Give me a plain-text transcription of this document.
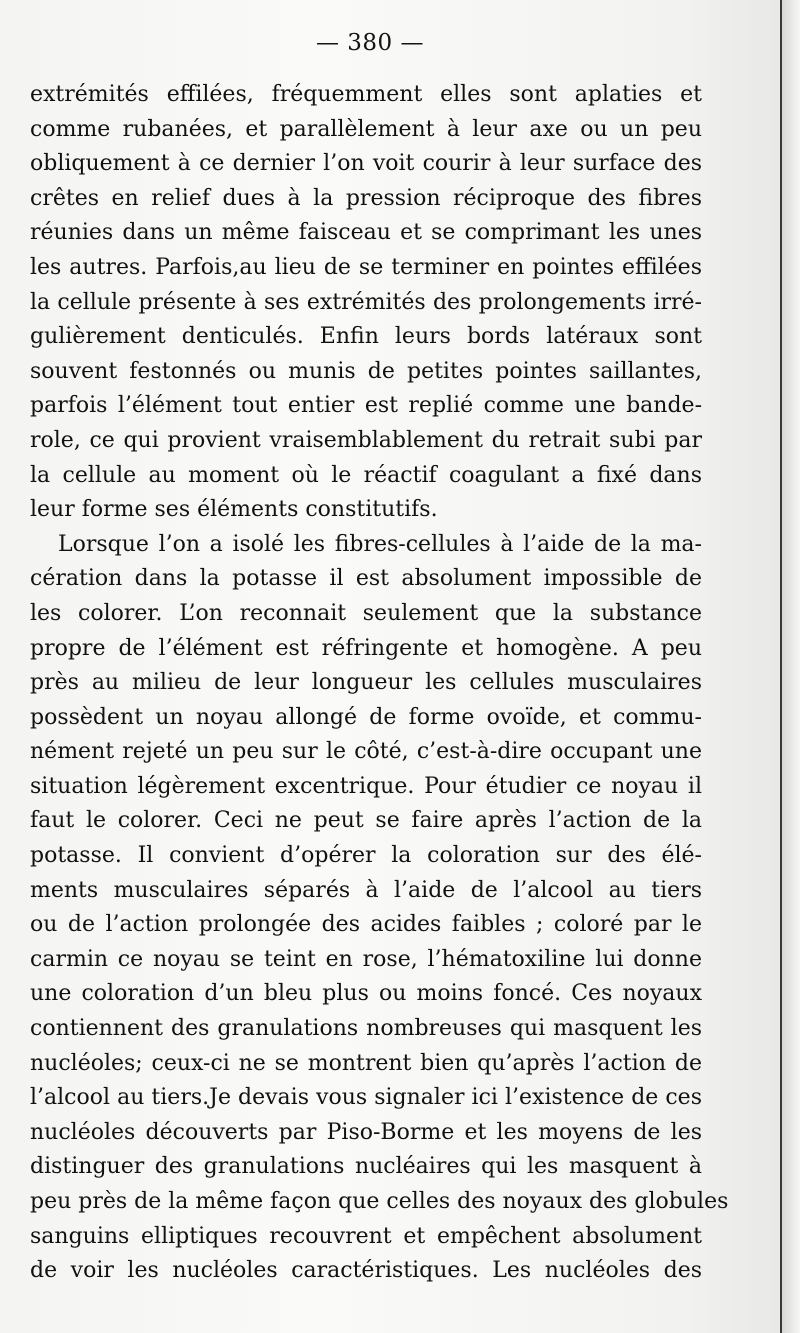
— 380 —
extrémités effilées, fréquemment elles sont aplaties et
comme rubanées, et parallèlement à leur axe ou un peu
obliquement à ce dernier l’on voit courir à leur surface des
crêtes en relief dues à la pression réciproque des fibres
réunies dans un même faisceau et se comprimant les unes
les autres. Parfois,au lieu de se terminer en pointes effilées
la cellule présente à ses extrémités des prolongements irré-
gulièrement denticulés. Enfin leurs bords latéraux sont
souvent festonnés ou munis de petites pointes saillantes,
parfois l’élément tout entier est replié comme une bande-
role, ce qui provient vraisemblablement du retrait subi par
la cellule au moment où le réactif coagulant a fixé dans
leur forme ses éléments constitutifs.
Lorsque l’on a isolé les fibres-cellules à l’aide de la ma-
cération dans la potasse il est absolument impossible de
les colorer. L’on reconnait seulement que la substance
propre de l’élément est réfringente et homogène. A peu
près au milieu de leur longueur les cellules musculaires
possèdent un noyau allongé de forme ovoïde, et commu-
nément rejeté un peu sur le côté, c’est-à-dire occupant une
situation légèrement excentrique. Pour étudier ce noyau il
faut le colorer. Ceci ne peut se faire après l’action de la
potasse. Il convient d’opérer la coloration sur des élé-
ments musculaires séparés à l’aide de l’alcool au tiers
ou de l’action prolongée des acides faibles ; coloré par le
carmin ce noyau se teint en rose, l’hématoxiline lui donne
une coloration d’un bleu plus ou moins foncé. Ces noyaux
contiennent des granulations nombreuses qui masquent les
nucléoles; ceux-ci ne se montrent bien qu’après l’action de
l’alcool au tiers.Je devais vous signaler ici l’existence de ces
nucléoles découverts par Piso-Borme et les moyens de les
distinguer des granulations nucléaires qui les masquent à
peu près de la même façon que celles des noyaux des globules
sanguins elliptiques recouvrent et empêchent absolument
de voir les nucléoles caractéristiques. Les nucléoles des
